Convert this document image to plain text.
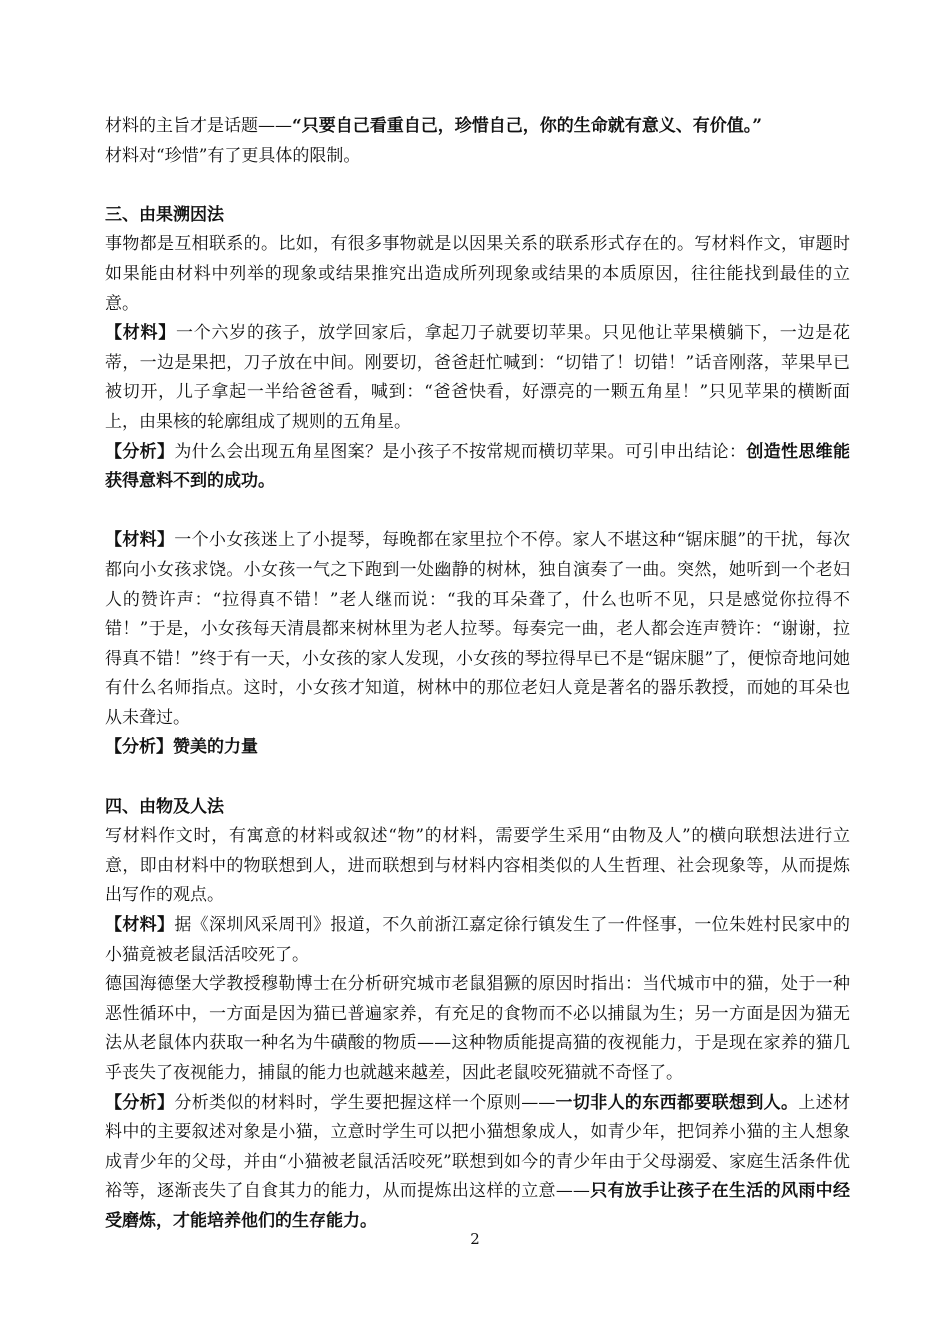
材料的主旨才是话题——“只要自己看重自己，珍惜自己，你的生命就有意义、有价值。”
材料对“珍惜”有了更具体的限制。

三、由果溯因法

事物都是互相联系的。比如，有很多事物就是以因果关系的联系形式存在的。写材料作文，审题时如果能由材料中列举的现象或结果推究出造成所列现象或结果的本质原因，往往能找到最佳的立意。

【材料】一个六岁的孩子，放学回家后，拿起刀子就要切苹果。只见他让苹果横躺下，一边是花蒂，一边是果把，刀子放在中间。刚要切，爸爸赶忙喊到：“切错了！切错！”话音刚落，苹果早已被切开，儿子拿起一半给爸爸看，喊到：“爸爸快看，好漂亮的一颗五角星！”只见苹果的横断面上，由果核的轮廓组成了规则的五角星。

【分析】为什么会出现五角星图案？是小孩子不按常规而横切苹果。可引申出结论：创造性思维能获得意料不到的成功。

【材料】一个小女孩迷上了小提琴，每晚都在家里拉个不停。家人不堪这种“锯床腿”的干扰，每次都向小女孩求饶。小女孩一气之下跑到一处幽静的树林，独自演奏了一曲。突然，她听到一个老妇人的赞许声：“拉得真不错！”老人继而说：“我的耳朵聋了，什么也听不见，只是感觉你拉得不错！”于是，小女孩每天清晨都来树林里为老人拉琴。每奏完一曲，老人都会连声赞许：“谢谢，拉得真不错！”终于有一天，小女孩的家人发现，小女孩的琴拉得早已不是“锯床腿”了，便惊奇地问她有什么名师指点。这时，小女孩才知道，树林中的那位老妇人竟是著名的器乐教授，而她的耳朵也从未聋过。

【分析】赞美的力量

四、由物及人法

写材料作文时，有寓意的材料或叙述“物”的材料，需要学生采用“由物及人”的横向联想法进行立意，即由材料中的物联想到人，进而联想到与材料内容相类似的人生哲理、社会现象等，从而提炼出写作的观点。

【材料】据《深圳风采周刊》报道，不久前浙江嘉定徐行镇发生了一件怪事，一位朱姓村民家中的小猫竟被老鼠活活咬死了。

德国海德堡大学教授穆勒博士在分析研究城市老鼠猖獗的原因时指出：当代城市中的猫，处于一种恶性循环中，一方面是因为猫已普遍家养，有充足的食物而不必以捕鼠为生；另一方面是因为猫无法从老鼠体内获取一种名为牛磺酸的物质——这种物质能提高猫的夜视能力，于是现在家养的猫几乎丧失了夜视能力，捕鼠的能力也就越来越差，因此老鼠咬死猫就不奇怪了。

【分析】分析类似的材料时，学生要把握这样一个原则——一切非人的东西都要联想到人。上述材料中的主要叙述对象是小猫，立意时学生可以把小猫想象成人，如青少年，把饲养小猫的主人想象成青少年的父母，并由“小猫被老鼠活活咬死”联想到如今的青少年由于父母溺爱、家庭生活条件优裕等，逐渐丧失了自食其力的能力，从而提炼出这样的立意——只有放手让孩子在生活的风雨中经受磨炼，才能培养他们的生存能力。

2
